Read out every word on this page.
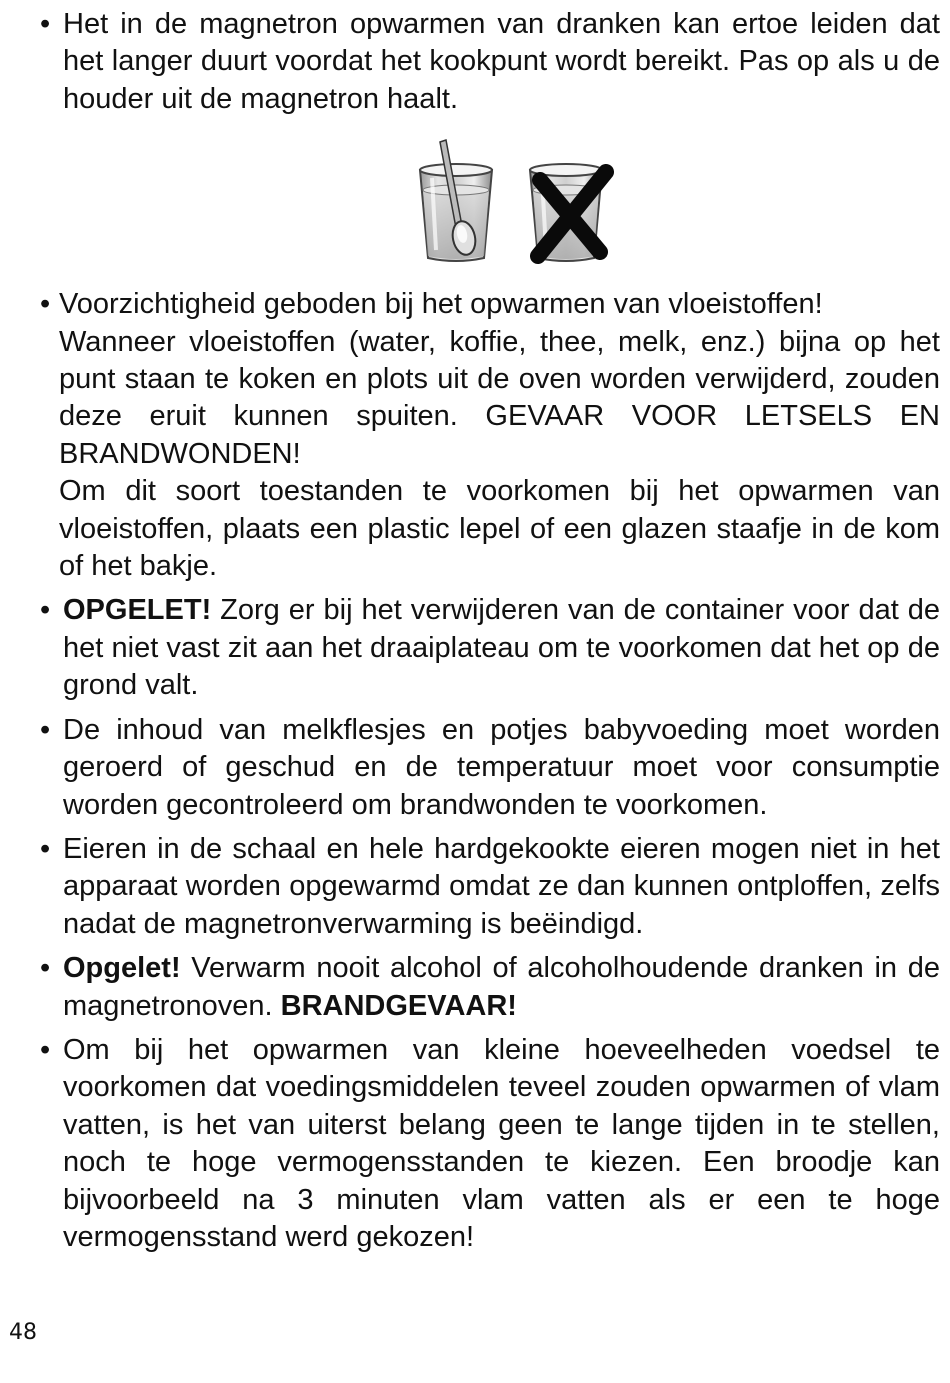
• Het in de magnetron opwarmen van dranken kan ertoe leiden dat het langer duurt voordat het kookpunt wordt bereikt. Pas op als u de houder uit de magnetron haalt.

• Voorzichtigheid geboden bij het opwarmen van vloeistoffen!

Wanneer vloeistoffen (water, koffie, thee, melk, enz.) bijna op het punt staan te koken en plots uit de oven worden verwijderd, zouden deze eruit kunnen spuiten. GEVAAR VOOR LETSELS EN BRANDWONDEN!

Om dit soort toestanden te voorkomen bij het opwarmen van vloeistoffen, plaats een plastic lepel of een glazen staafje in de kom of het bakje.

• OPGELET! Zorg er bij het verwijderen van de container voor dat de het niet vast zit aan het draaiplateau om te voorkomen dat het op de grond valt.

• De inhoud van melkflesjes en potjes babyvoeding moet worden geroerd of geschud en de temperatuur moet voor consumptie worden gecontroleerd om brandwonden te voorkomen.

• Eieren in de schaal en hele hardgekookte eieren mogen niet in het apparaat worden opgewarmd omdat ze dan kunnen ontploffen, zelfs nadat de magnetronverwarming is beëindigd.

• Opgelet! Verwarm nooit alcohol of alcoholhoudende dranken in de magnetronoven. BRANDGEVAAR!

• Om bij het opwarmen van kleine hoeveelheden voedsel te voorkomen dat voedingsmiddelen teveel zouden opwarmen of vlam vatten, is het van uiterst belang geen te lange tijden in te stellen, noch te hoge vermogensstanden te kiezen. Een broodje kan bijvoorbeeld na 3 minuten vlam vatten als er een te hoge vermogensstand werd gekozen!

48
